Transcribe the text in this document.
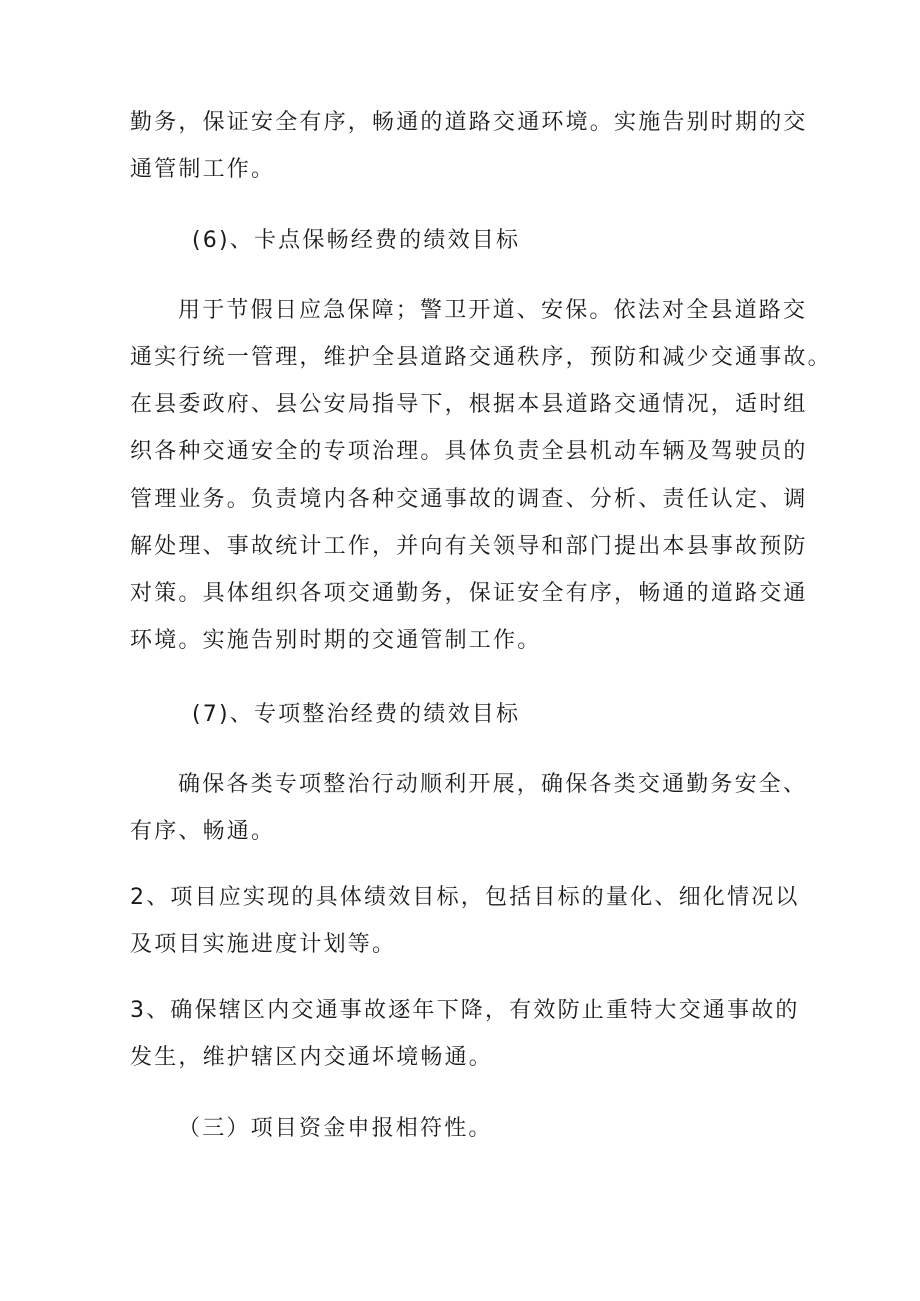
勤务，保证安全有序，畅通的道路交通环境。实施告别时期的交
通管制工作。
(6)、卡点保畅经费的绩效目标
用于节假日应急保障；警卫开道、安保。依法对全县道路交
通实行统一管理，维护全县道路交通秩序，预防和减少交通事故。
在县委政府、县公安局指导下，根据本县道路交通情况，适时组
织各种交通安全的专项治理。具体负责全县机动车辆及驾驶员的
管理业务。负责境内各种交通事故的调查、分析、责任认定、调
解处理、事故统计工作，并向有关领导和部门提出本县事故预防
对策。具体组织各项交通勤务，保证安全有序，畅通的道路交通
环境。实施告别时期的交通管制工作。
(7)、专项整治经费的绩效目标
确保各类专项整治行动顺利开展，确保各类交通勤务安全、
有序、畅通。
2、项目应实现的具体绩效目标，包括目标的量化、细化情况以
及项目实施进度计划等。
3、确保辖区内交通事故逐年下降，有效防止重特大交通事故的
发生，维护辖区内交通坏境畅通。
（三）项目资金申报相符性。
